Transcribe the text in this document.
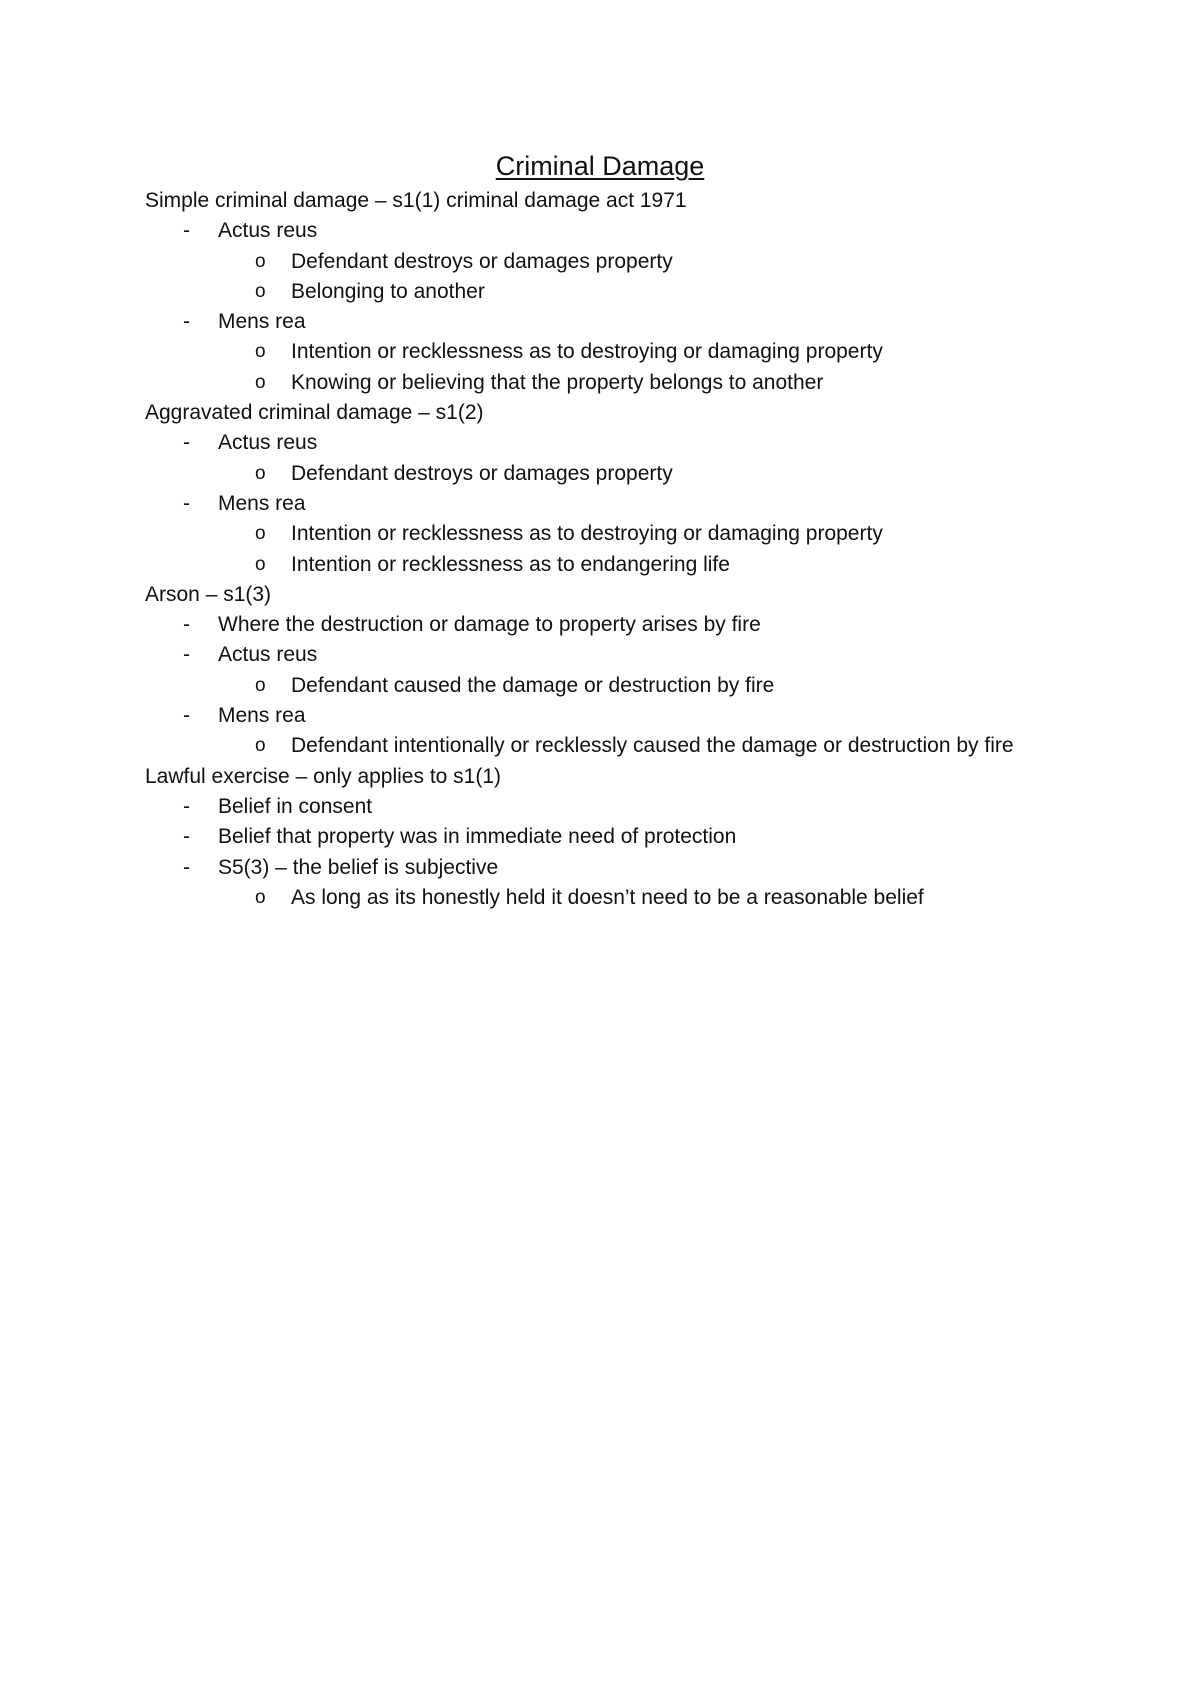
Criminal Damage
Simple criminal damage – s1(1) criminal damage act 1971
- Actus reus
o Defendant destroys or damages property
o Belonging to another
- Mens rea
o Intention or recklessness as to destroying or damaging property
o Knowing or believing that the property belongs to another
Aggravated criminal damage – s1(2)
- Actus reus
o Defendant destroys or damages property
- Mens rea
o Intention or recklessness as to destroying or damaging property
o Intention or recklessness as to endangering life
Arson – s1(3)
- Where the destruction or damage to property arises by fire
- Actus reus
o Defendant caused the damage or destruction by fire
- Mens rea
o Defendant intentionally or recklessly caused the damage or destruction by fire
Lawful exercise – only applies to s1(1)
- Belief in consent
- Belief that property was in immediate need of protection
- S5(3) – the belief is subjective
o As long as its honestly held it doesn’t need to be a reasonable belief
